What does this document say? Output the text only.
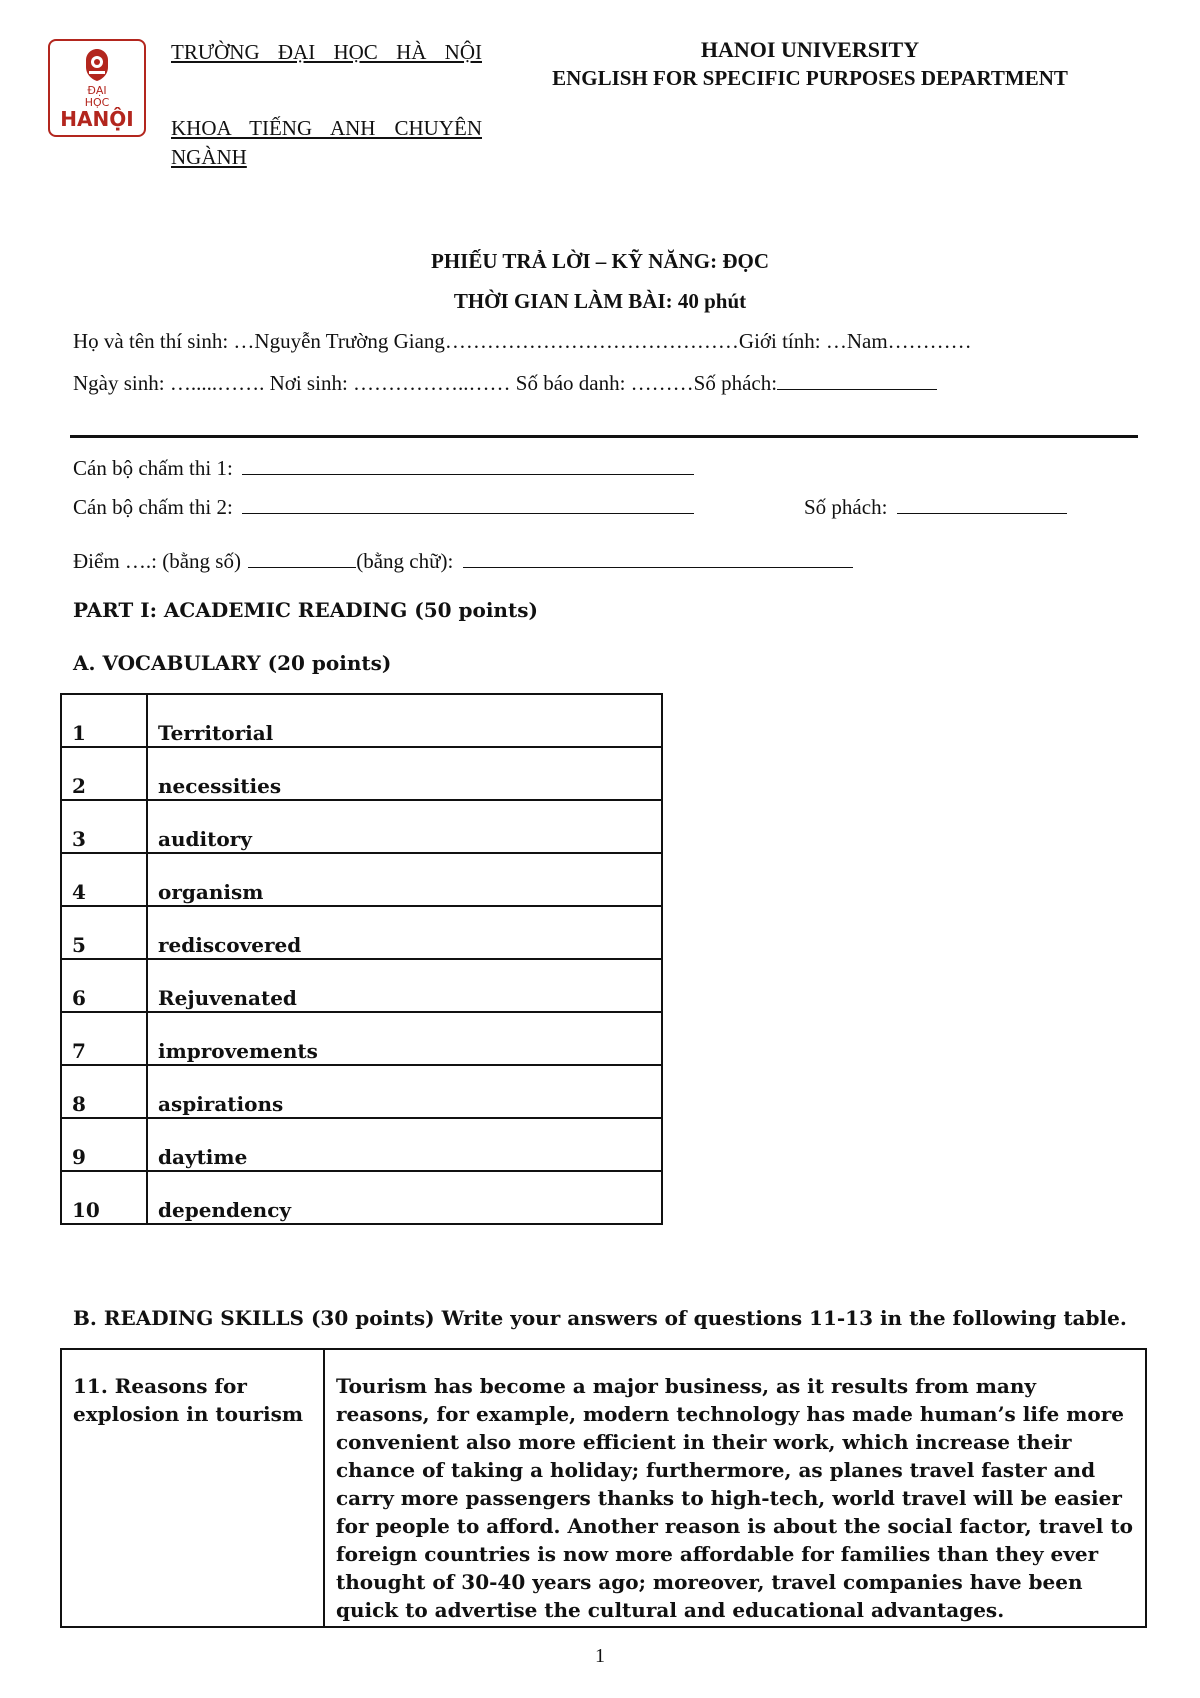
ĐẠI
HỌC
HANỘI
TRƯỜNG ĐẠI HỌC HÀ NỘI
KHOA TIẾNG ANH CHUYÊN NGÀNH
HANOI UNIVERSITY
ENGLISH FOR SPECIFIC PURPOSES DEPARTMENT
PHIẾU TRẢ LỜI – KỸ NĂNG: ĐỌC
THỜI GIAN LÀM BÀI: 40 phút
Họ và tên thí sinh: …Nguyễn Trường Giang……………………………………Giới tính: …Nam…………
Ngày sinh: ….....……. Nơi sinh: ……………..…… Số báo danh: ………Số phách:
Cán bộ chấm thi 1:
Cán bộ chấm thi 2:	Số phách:
Điểm ….: (bằng số)	(bằng chữ):
PART I: ACADEMIC READING (50 points)
A. VOCABULARY (20 points)
1	Territorial
2	necessities
3	auditory
4	organism
5	rediscovered
6	Rejuvenated
7	improvements
8	aspirations
9	daytime
10	dependency
B. READING SKILLS (30 points) Write your answers of questions 11-13 in the following table.
11. Reasons for explosion in tourism	Tourism has become a major business, as it results from many reasons, for example, modern technology has made human’s life more convenient also more efficient in their work, which increase their chance of taking a holiday; furthermore, as planes travel faster and carry more passengers thanks to high-tech, world travel will be easier for people to afford. Another reason is about the social factor, travel to foreign countries is now more affordable for families than they ever thought of 30-40 years ago; moreover, travel companies have been quick to advertise the cultural and educational advantages.
1
